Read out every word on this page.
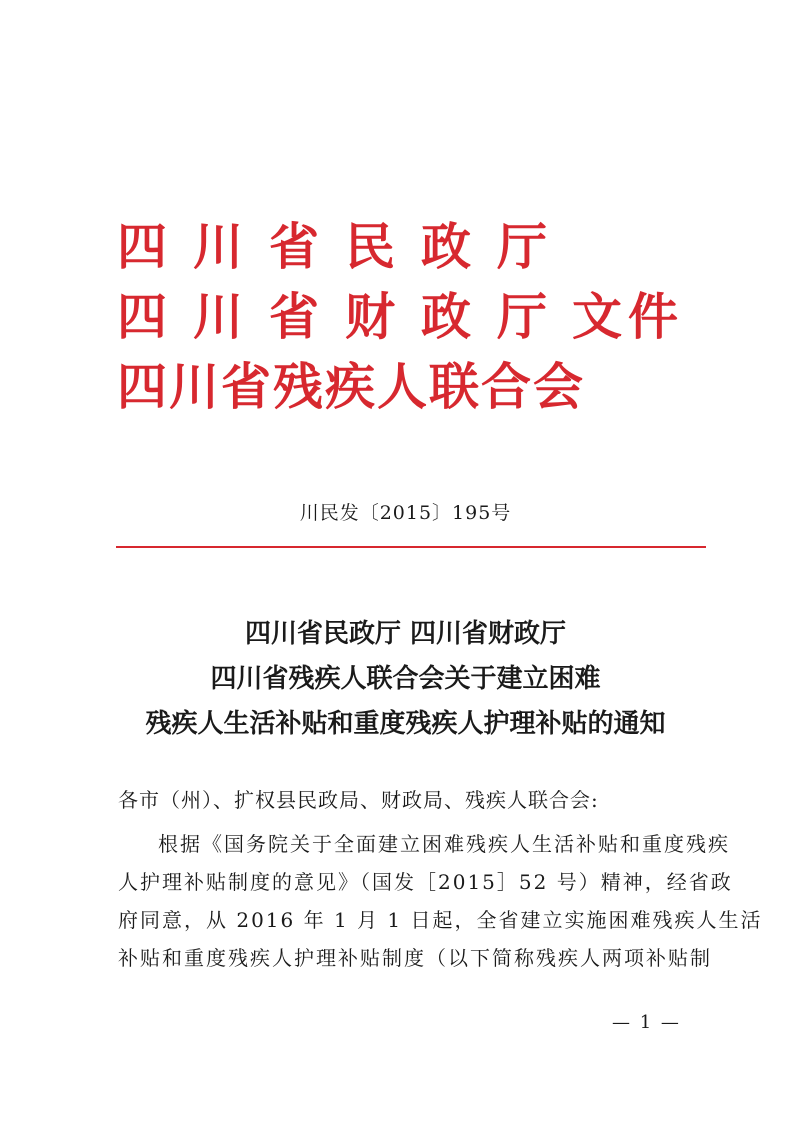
四川省民政厅
四川省财政厅
四川省残疾人联合会
文件
川民发〔2015〕195号
四川省民政厅 四川省财政厅
四川省残疾人联合会关于建立困难
残疾人生活补贴和重度残疾人护理补贴的通知
各市（州）、扩权县民政局、财政局、残疾人联合会:
根据《国务院关于全面建立困难残疾人生活补贴和重度残疾
人护理补贴制度的意见》（国发［2015］52 号）精神，经省政
府同意，从 2016 年 1 月 1 日起，全省建立实施困难残疾人生活
补贴和重度残疾人护理补贴制度（以下简称残疾人两项补贴制
— 1 —
